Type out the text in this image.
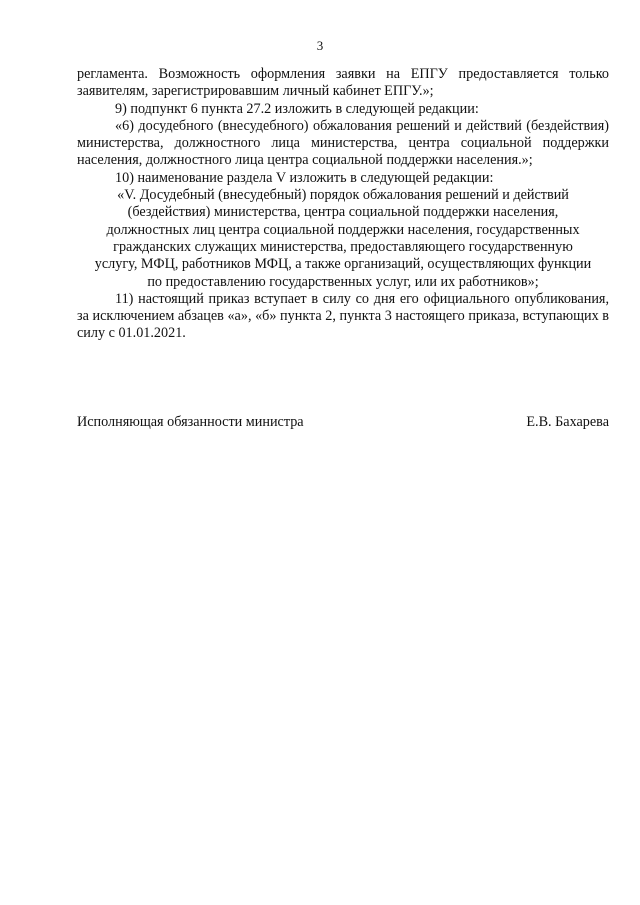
3

регламента. Возможность оформления заявки на ЕПГУ предоставляется только заявителям, зарегистрировавшим личный кабинет ЕПГУ.»;

9) подпункт 6 пункта 27.2 изложить в следующей редакции:

«6) досудебного (внесудебного) обжалования решений и действий (бездействия) министерства, должностного лица министерства, центра социальной поддержки населения, должностного лица центра социальной поддержки населения.»;

10) наименование раздела V изложить в следующей редакции:

«V. Досудебный (внесудебный) порядок обжалования решений и действий
(бездействия) министерства, центра социальной поддержки населения,
должностных лиц центра социальной поддержки населения, государственных
гражданских служащих министерства, предоставляющего государственную
услугу, МФЦ, работников МФЦ, а также организаций, осуществляющих функции
по предоставлению государственных услуг, или их работников»;

11) настоящий приказ вступает в силу со дня его официального опубликования, за исключением абзацев «а», «б» пункта 2, пункта 3 настоящего приказа, вступающих в силу с 01.01.2021.

Исполняющая обязанности министра	Е.В. Бахарева
